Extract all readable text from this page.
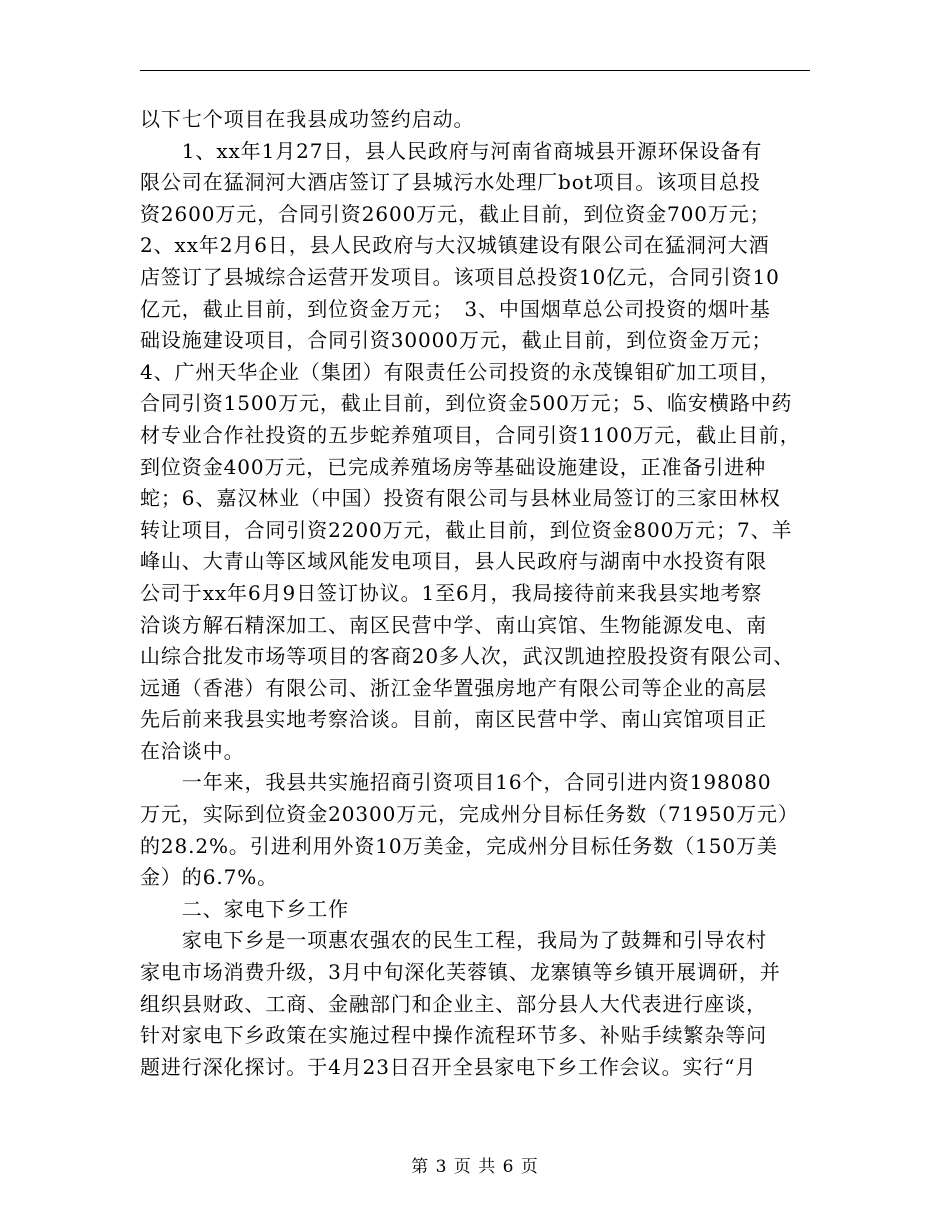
以下七个项目在我县成功签约启动。
　　1、xx年1月27日，县人民政府与河南省商城县开源环保设备有
限公司在猛洞河大酒店签订了县城污水处理厂bot项目。该项目总投
资2600万元，合同引资2600万元，截止目前，到位资金700万元；
2、xx年2月6日，县人民政府与大汉城镇建设有限公司在猛洞河大酒
店签订了县城综合运营开发项目。该项目总投资10亿元，合同引资10
亿元，截止目前，到位资金万元；　3、中国烟草总公司投资的烟叶基
础设施建设项目，合同引资30000万元，截止目前，到位资金万元；
4、广州天华企业（集团）有限责任公司投资的永茂镍钼矿加工项目，
合同引资1500万元，截止目前，到位资金500万元；5、临安横路中药
材专业合作社投资的五步蛇养殖项目，合同引资1100万元，截止目前，
到位资金400万元，已完成养殖场房等基础设施建设，正准备引进种
蛇；6、嘉汉林业（中国）投资有限公司与县林业局签订的三家田林权
转让项目，合同引资2200万元，截止目前，到位资金800万元；7、羊
峰山、大青山等区域风能发电项目，县人民政府与湖南中水投资有限
公司于xx年6月9日签订协议。1至6月，我局接待前来我县实地考察
洽谈方解石精深加工、南区民营中学、南山宾馆、生物能源发电、南
山综合批发市场等项目的客商20多人次，武汉凯迪控股投资有限公司、
远通（香港）有限公司、浙江金华置强房地产有限公司等企业的高层
先后前来我县实地考察洽谈。目前，南区民营中学、南山宾馆项目正
在洽谈中。
　　一年来，我县共实施招商引资项目16个，合同引进内资198080
万元，实际到位资金20300万元，完成州分目标任务数（71950万元）
的28.2%。引进利用外资10万美金，完成州分目标任务数（150万美
金）的6.7%。
　　二、家电下乡工作
　　家电下乡是一项惠农强农的民生工程，我局为了鼓舞和引导农村
家电市场消费升级，3月中旬深化芙蓉镇、龙寨镇等乡镇开展调研，并
组织县财政、工商、金融部门和企业主、部分县人大代表进行座谈，
针对家电下乡政策在实施过程中操作流程环节多、补贴手续繁杂等问
题进行深化探讨。于4月23日召开全县家电下乡工作会议。实行“月
第 3 页 共 6 页
